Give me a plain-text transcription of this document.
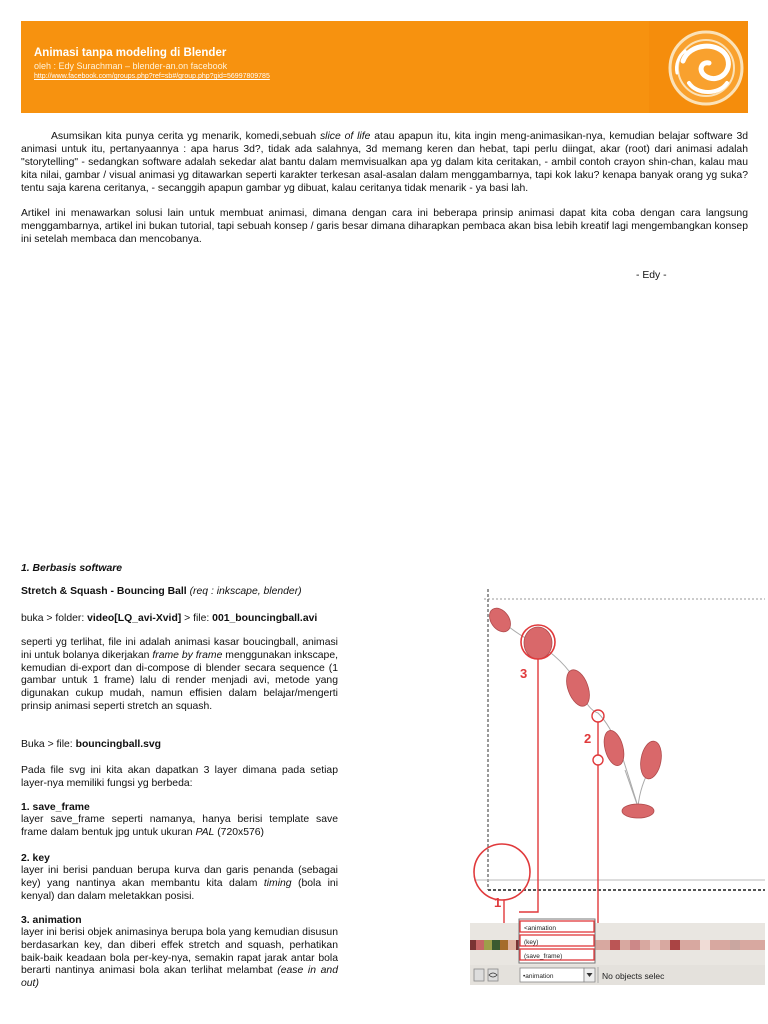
Animasi tanpa modeling di Blender
oleh : Edy Surachman – blender-an.on facebook
http://www.facebook.com/groups.php?ref=sb#/group.php?gid=56997809785

Asumsikan kita punya cerita yg menarik, komedi,sebuah slice of life atau apapun itu, kita ingin meng-animasikan-nya, kemudian belajar software 3d animasi untuk itu, pertanyaannya : apa harus 3d?, tidak ada salahnya, 3d memang keren dan hebat, tapi perlu diingat, akar (root) dari animasi adalah "storytelling" - sedangkan software adalah sekedar alat bantu dalam memvisualkan apa yg dalam kita ceritakan, - ambil contoh crayon shin-chan, kalau mau kita nilai, gambar / visual animasi yg ditawarkan seperti karakter terkesan asal-asalan dalam menggambarnya, tapi kok laku? kenapa banyak orang yg suka? tentu saja karena ceritanya, - secanggih apapun gambar yg dibuat, kalau ceritanya tidak menarik - ya basi lah.

Artikel ini menawarkan solusi lain untuk membuat animasi, dimana dengan cara ini beberapa prinsip animasi dapat kita coba dengan cara langsung menggambarnya, artikel ini bukan tutorial, tapi sebuah konsep / garis besar dimana diharapkan pembaca akan bisa lebih kreatif lagi mengembangkan konsep ini setelah membaca dan mencobanya.

- Edy -
1. Berbasis software
Stretch & Squash - Bouncing Ball (req : inkscape, blender)

buka > folder: video[LQ_avi-Xvid] > file: 001_bouncingball.avi

seperti yg terlihat, file ini adalah animasi kasar boucingball, animasi ini untuk bolanya dikerjakan frame by frame menggunakan inkscape, kemudian di-export dan di-compose di blender secara sequence (1 gambar untuk 1 frame) lalu di render menjadi avi, metode yang digunakan cukup mudah, namun effisien dalam belajar/mengerti prinsip animasi seperti stretch an squash.

Buka > file: bouncingball.svg

Pada file svg ini kita akan dapatkan 3 layer dimana pada setiap layer-nya memiliki fungsi yg berbeda:

1. save_frame

layer save_frame seperti namanya, hanya berisi template save frame dalam bentuk jpg untuk ukuran PAL (720x576)

2. key

layer ini berisi panduan berupa kurva dan garis penanda (sebagai key) yang nantinya akan membantu kita dalam timing (bola ini kenyal) dan dalam meletakkan posisi.

3. animation

layer ini berisi objek animasinya berupa bola yang kemudian disusun berdasarkan key, dan diberi effek stretch and squash, perhatikan baik-baik keadaan bola per-key-nya, semakin rapat jarak antar bola berarti nantinya animasi bola akan terlihat melambat (ease in and out)

3
2
1
<animation
(key)
(save_frame)
•animation	No objects selec
